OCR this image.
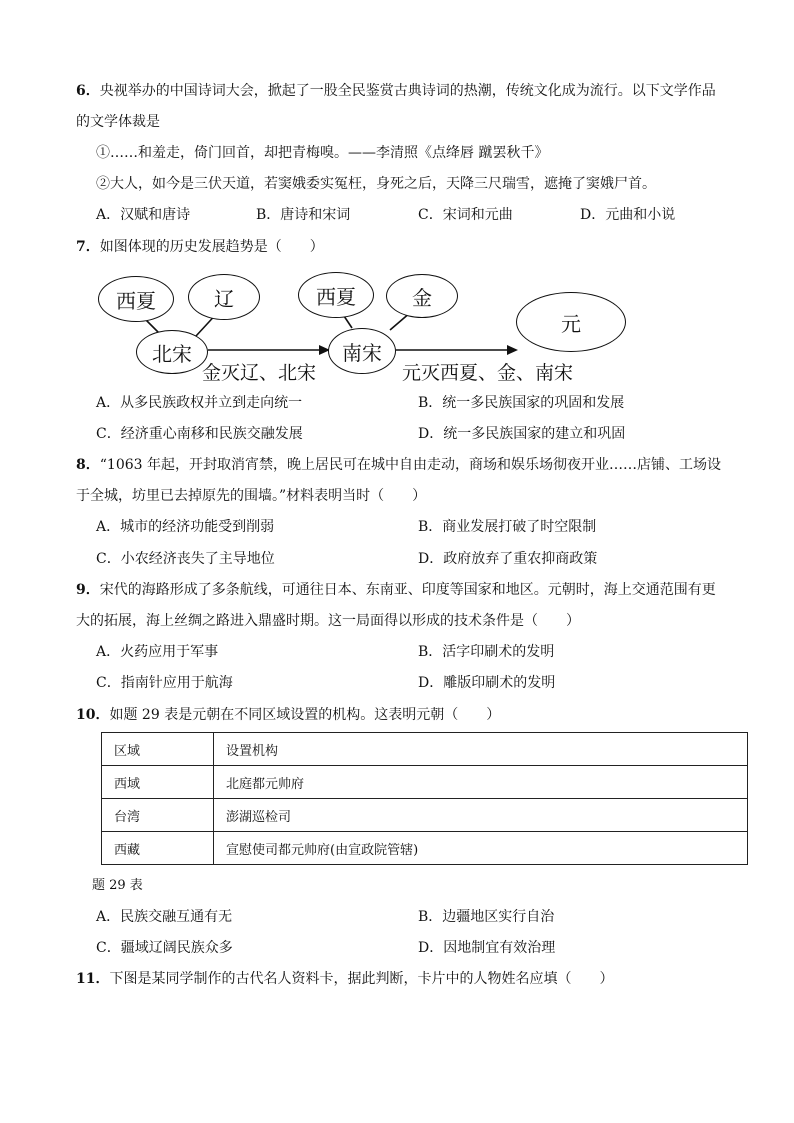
6．央视举办的中国诗词大会，掀起了一股全民鉴赏古典诗词的热潮，传统文化成为流行。以下文学作品
的文学体裁是
①……和羞走，倚门回首，却把青梅嗅。——李清照《点绛唇 蹴罢秋千》
②大人，如今是三伏天道，若窦娥委实冤枉，身死之后，天降三尺瑞雪，遮掩了窦娥尸首。
A．汉赋和唐诗	B．唐诗和宋词	C．宋词和元曲	D．元曲和小说
7．如图体现的历史发展趋势是（　　）
西夏	辽
北宋
西夏	金
南宋
元
金灭辽、北宋	元灭西夏、金、南宋
A．从多民族政权并立到走向统一	B．统一多民族国家的巩固和发展
C．经济重心南移和民族交融发展	D．统一多民族国家的建立和巩固
8．“1063 年起，开封取消宵禁，晚上居民可在城中自由走动，商场和娱乐场彻夜开业……店铺、工场设
于全城，坊里已去掉原先的围墙。”材料表明当时（　　）
A．城市的经济功能受到削弱	B．商业发展打破了时空限制
C．小农经济丧失了主导地位	D．政府放弃了重农抑商政策
9．宋代的海路形成了多条航线，可通往日本、东南亚、印度等国家和地区。元朝时，海上交通范围有更
大的拓展，海上丝绸之路进入鼎盛时期。这一局面得以形成的技术条件是（　　）
A．火药应用于军事	B．活字印刷术的发明
C．指南针应用于航海	D．雕版印刷术的发明
10．如题 29 表是元朝在不同区域设置的机构。这表明元朝（　　）
区域	设置机构
西域	北庭都元帅府
台湾	澎湖巡检司
西藏	宣慰使司都元帅府(由宣政院管辖)
题 29 表
A．民族交融互通有无	B．边疆地区实行自治
C．疆域辽阔民族众多	D．因地制宜有效治理
11．下图是某同学制作的古代名人资料卡，据此判断，卡片中的人物姓名应填（　　）
